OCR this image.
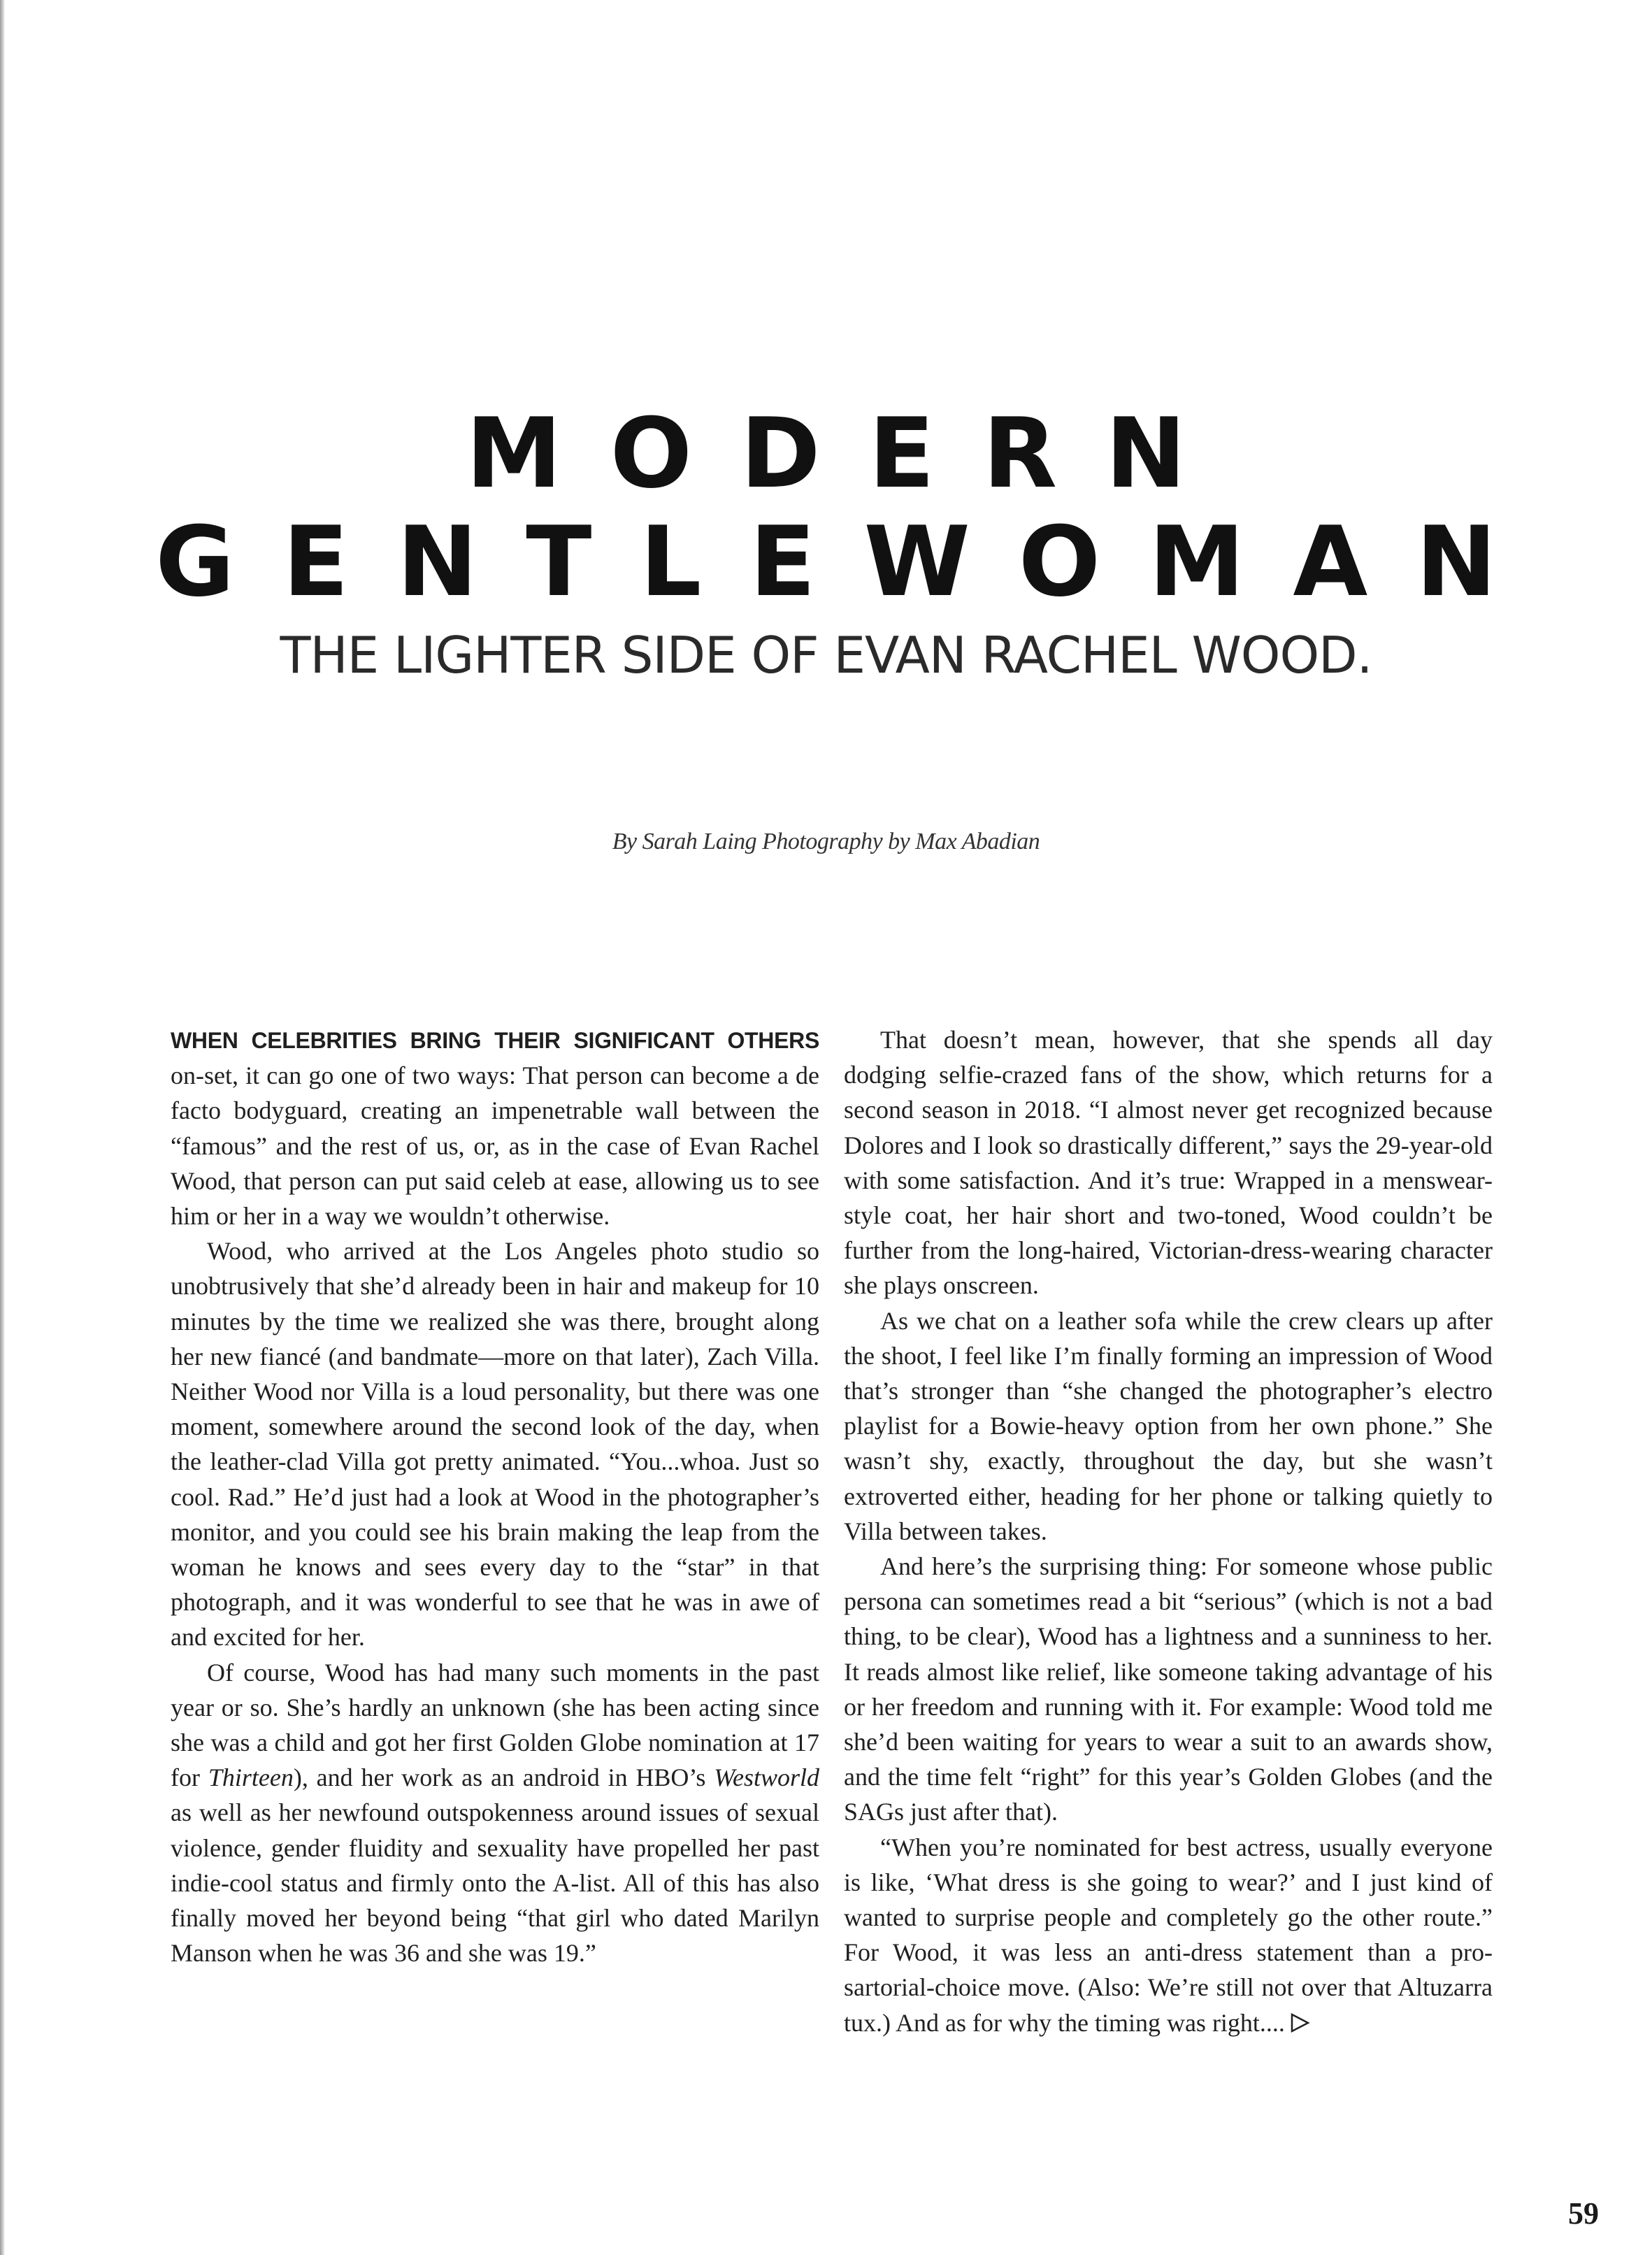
MODERN
GENTLEWOMAN
THE LIGHTER SIDE OF EVAN RACHEL WOOD.
By Sarah Laing Photography by Max Abadian

WHEN CELEBRITIES BRING THEIR SIGNIFICANT OTHERS on-set, it can go one of two ways: That person can become a de facto bodyguard, creating an impenetrable wall between the “famous” and the rest of us, or, as in the case of Evan Rachel Wood, that person can put said celeb at ease, allowing us to see him or her in a way we wouldn’t otherwise.

Wood, who arrived at the Los Angeles photo studio so unobtrusively that she’d already been in hair and makeup for 10 minutes by the time we realized she was there, brought along her new fiancé (and bandmate—more on that later), Zach Villa. Neither Wood nor Villa is a loud personality, but there was one moment, somewhere around the second look of the day, when the leather-clad Villa got pretty animated. “You...whoa. Just so cool. Rad.” He’d just had a look at Wood in the photographer’s monitor, and you could see his brain making the leap from the woman he knows and sees every day to the “star” in that photograph, and it was wonderful to see that he was in awe of and excited for her.

Of course, Wood has had many such moments in the past year or so. She’s hardly an unknown (she has been acting since she was a child and got her first Golden Globe nomination at 17 for Thirteen), and her work as an android in HBO’s Westworld as well as her newfound outspokenness around issues of sexual violence, gender fluidity and sexuality have propelled her past indie-cool status and firmly onto the A-list. All of this has also finally moved her beyond being “that girl who dated Marilyn Manson when he was 36 and she was 19.”

That doesn’t mean, however, that she spends all day dodging selfie-crazed fans of the show, which returns for a second season in 2018. “I almost never get recognized because Dolores and I look so drastically different,” says the 29-year-old with some satisfaction. And it’s true: Wrapped in a menswear-style coat, her hair short and two-toned, Wood couldn’t be further from the long-haired, Victorian-dress-wearing character she plays onscreen.

As we chat on a leather sofa while the crew clears up after the shoot, I feel like I’m finally forming an impression of Wood that’s stronger than “she changed the photographer’s electro playlist for a Bowie-heavy option from her own phone.” She wasn’t shy, exactly, throughout the day, but she wasn’t extroverted either, heading for her phone or talking quietly to Villa between takes.

And here’s the surprising thing: For someone whose public persona can sometimes read a bit “serious” (which is not a bad thing, to be clear), Wood has a lightness and a sunniness to her. It reads almost like relief, like someone taking advantage of his or her freedom and running with it. For example: Wood told me she’d been waiting for years to wear a suit to an awards show, and the time felt “right” for this year’s Golden Globes (and the SAGs just after that).

“When you’re nominated for best actress, usually everyone is like, ‘What dress is she going to wear?’ and I just kind of wanted to surprise people and completely go the other route.” For Wood, it was less an anti-dress statement than a pro-sartorial-choice move. (Also: We’re still not over that Altuzarra tux.) And as for why the timing was right....

59
